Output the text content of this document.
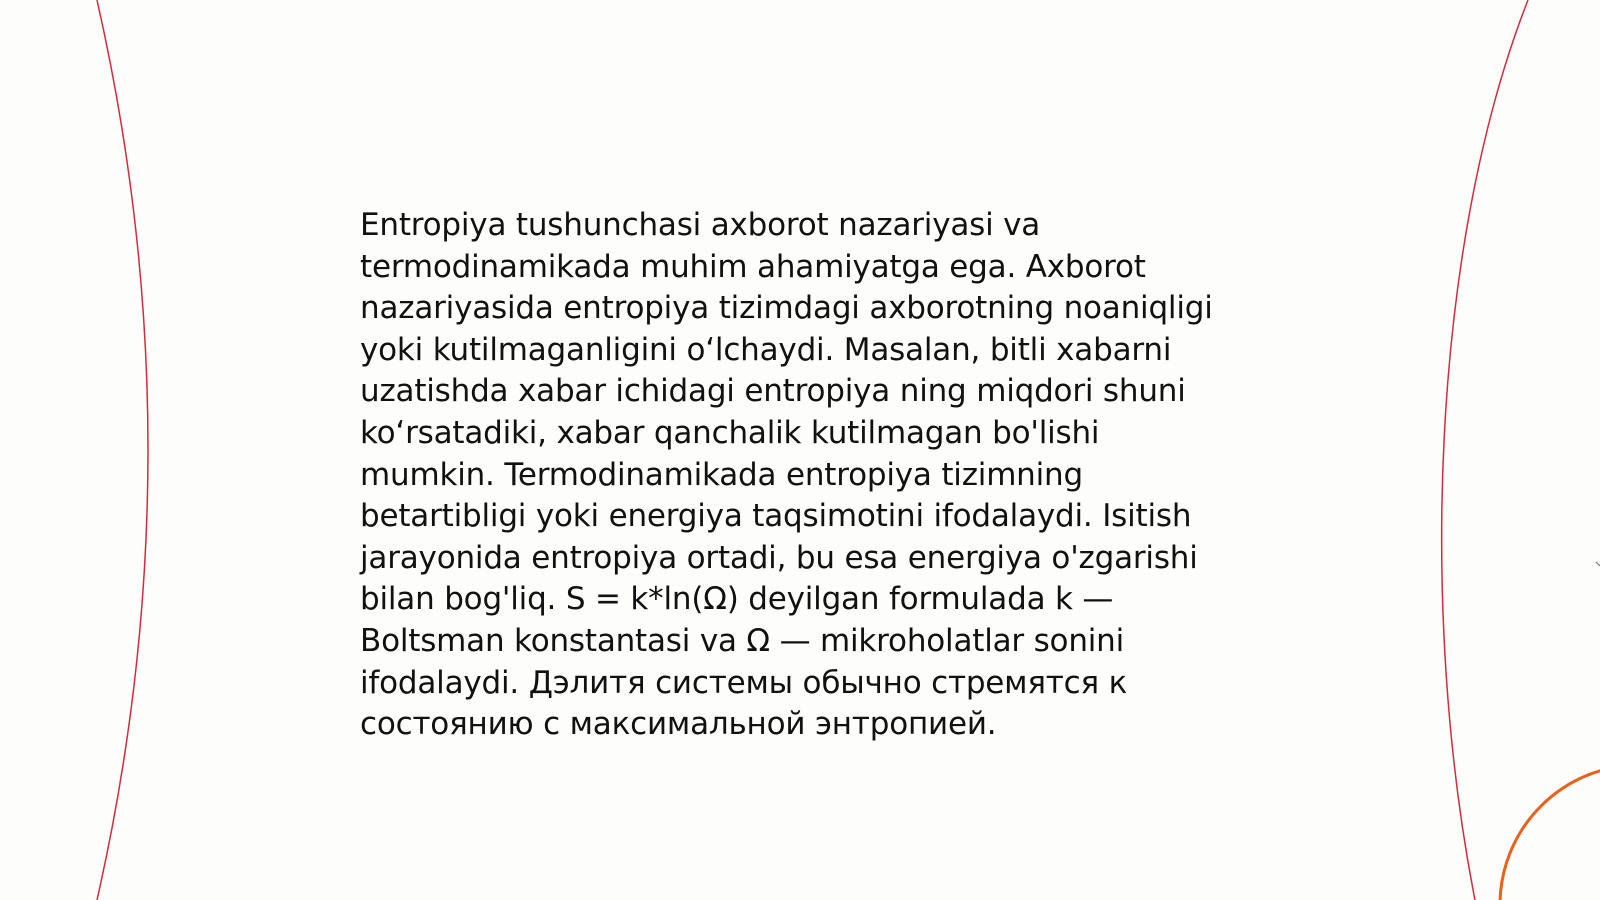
Entropiya tushunchasi axborot nazariyasi va termodinamikada muhim ahamiyatga ega. Axborot nazariyasida entropiya tizimdagi axborotning noaniqligi yoki kutilmaganligini oʻlchaydi. Masalan, bitli xabarni uzatishda xabar ichidagi entropiya ning miqdori shuni koʻrsatadiki, xabar qanchalik kutilmagan bo'lishi mumkin. Termodinamikada entropiya tizimning betartibligi yoki energiya taqsimotini ifodalaydi. Isitish jarayonida entropiya ortadi, bu esa energiya o'zgarishi bilan bog'liq. S = k*ln(Ω) deyilgan formulada k — Boltsman konstantasi va Ω — mikroholatlar sonini ifodalaydi. Дэлитя системы обычно стремятся к состоянию с максимальной энтропией.
